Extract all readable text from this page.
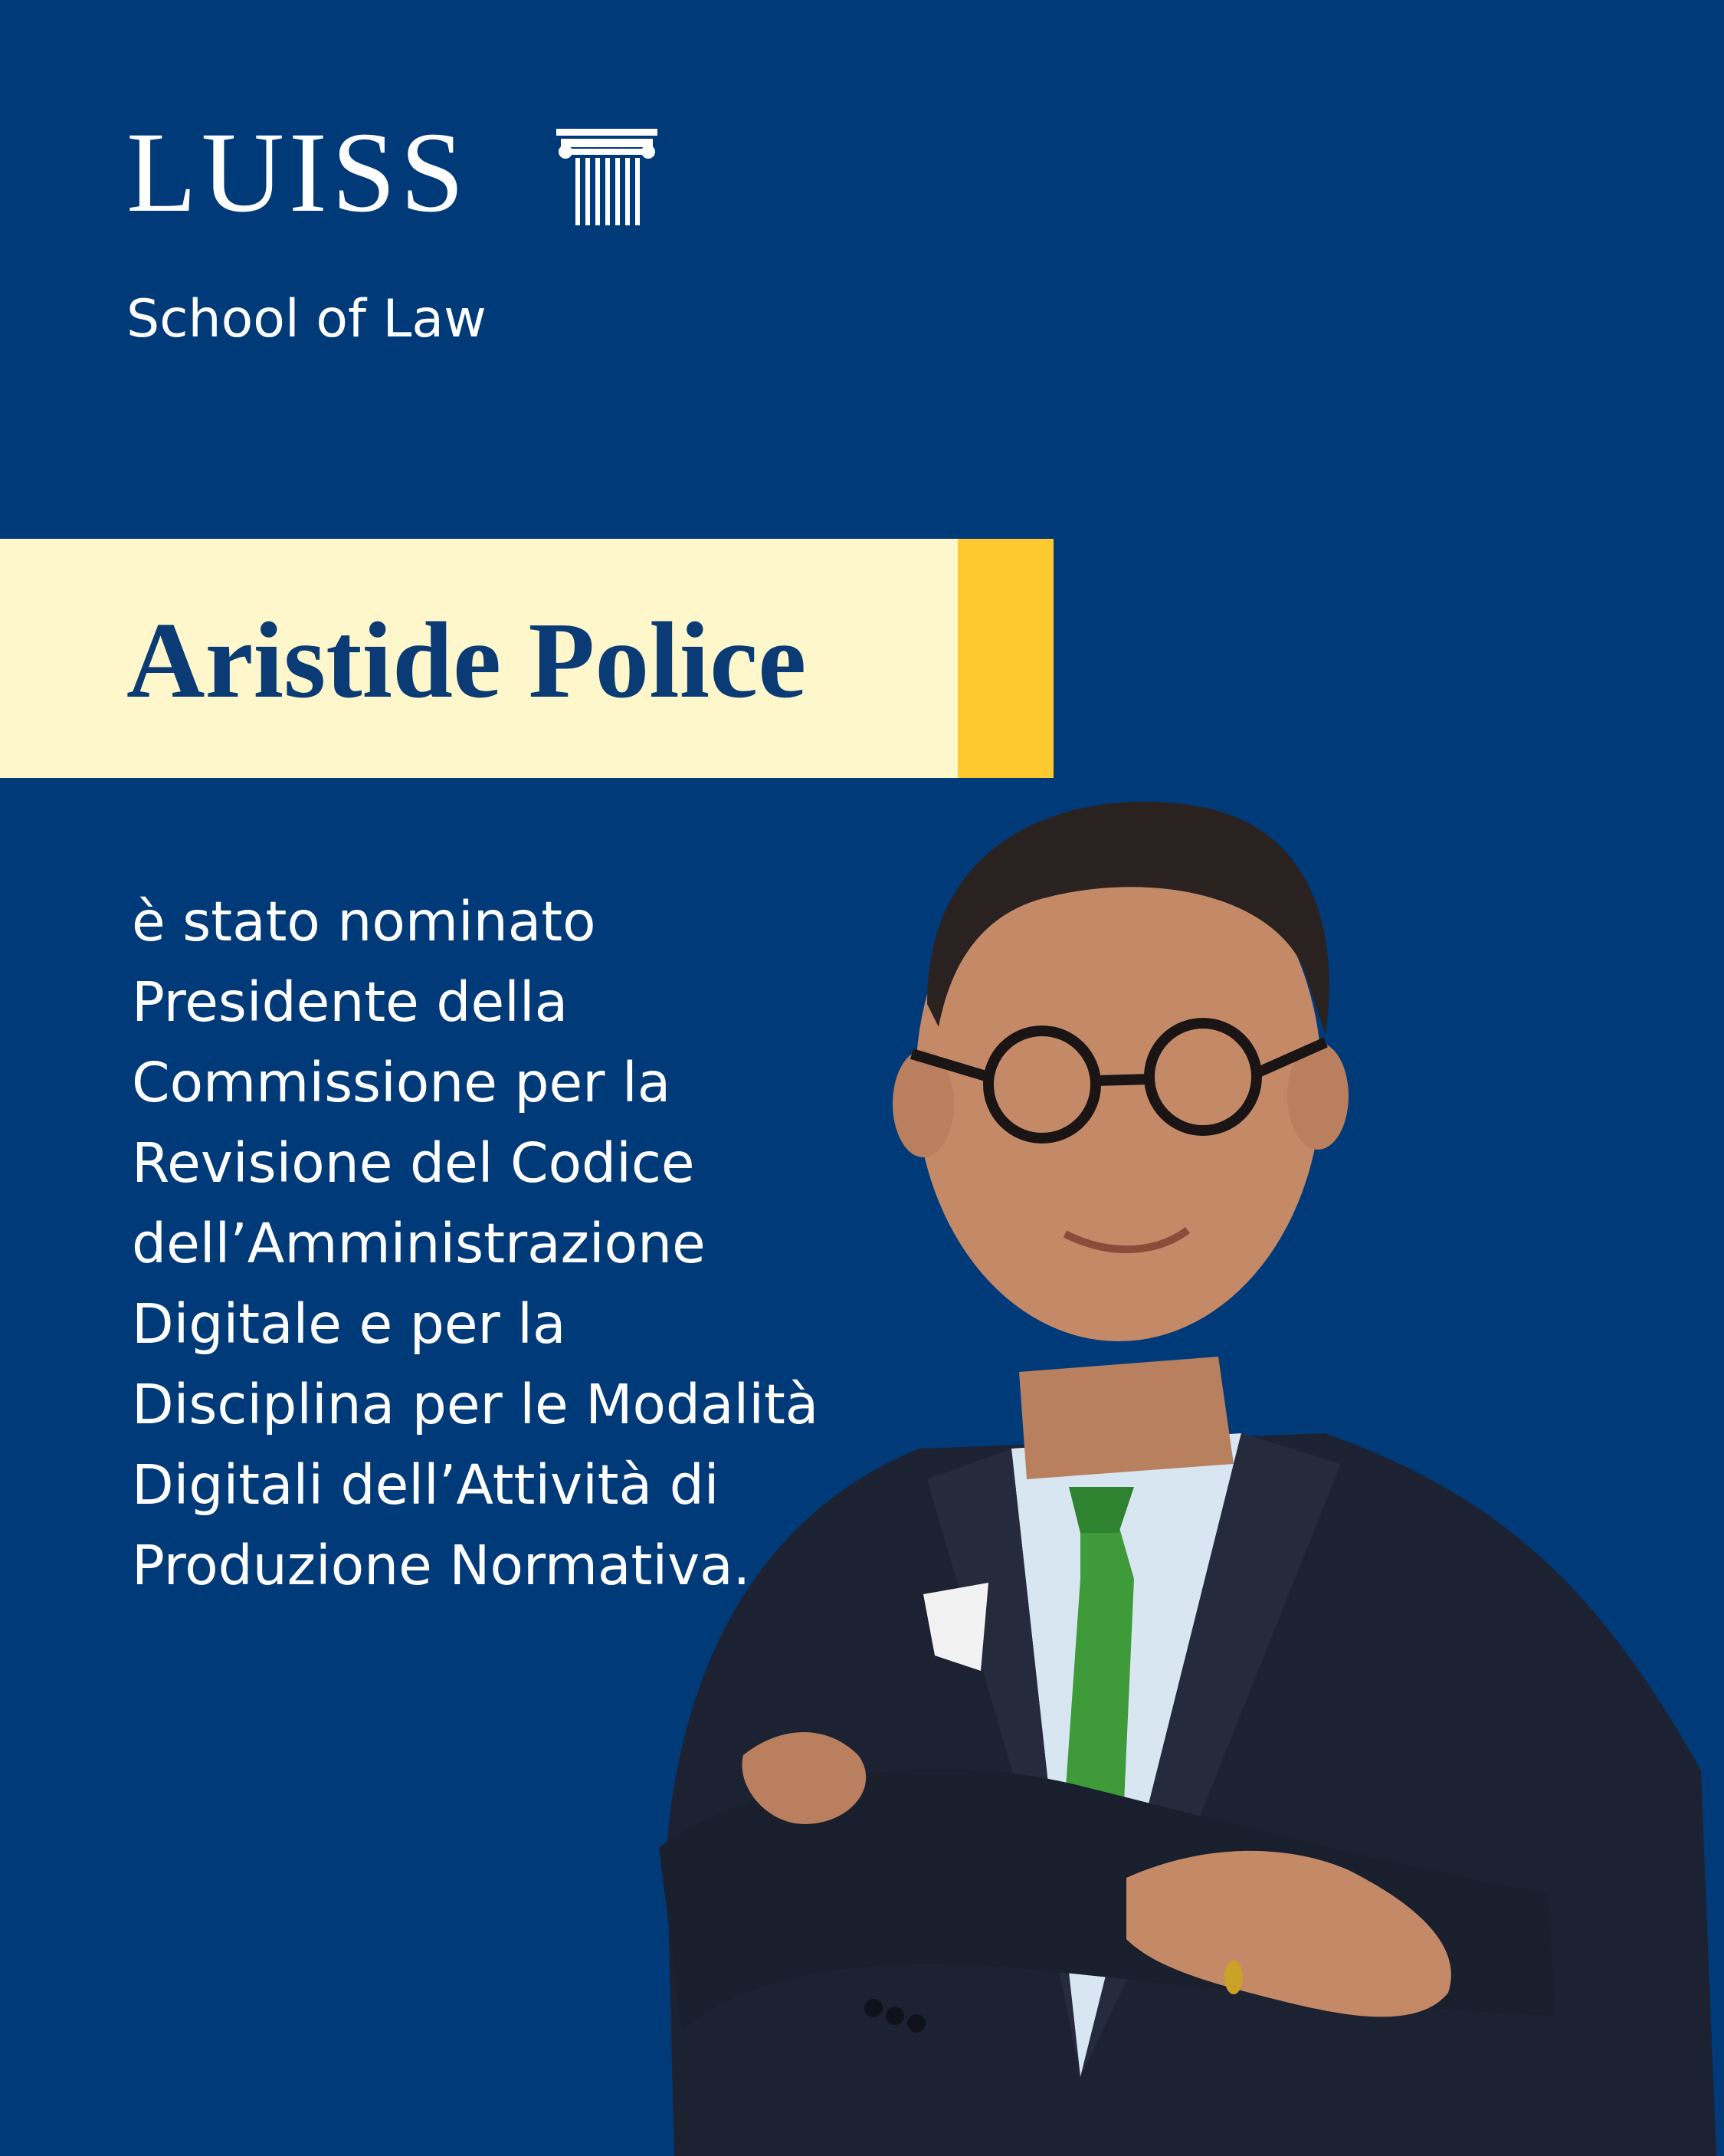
LUISS
School of Law
Aristide Police
è stato nominato
Presidente della
Commissione per la
Revisione del Codice
dell’Amministrazione
Digitale e per la
Disciplina per le Modalità
Digitali dell’Attività di
Produzione Normativa.
